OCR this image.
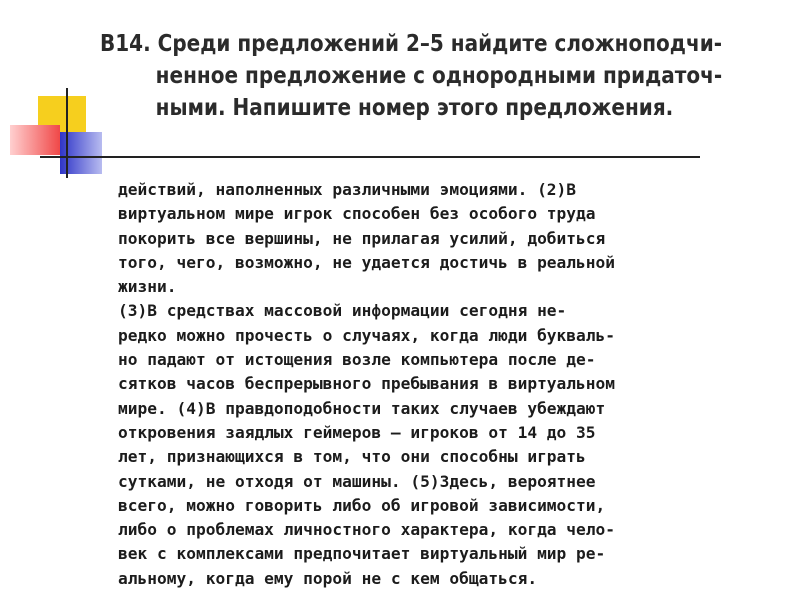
B14. Среди предложений 2–5 найдите сложноподчи-
ненное предложение с однородными придаточ-
ными. Напишите номер этого предложения.
действий, наполненных различными эмоциями. (2)В
виртуальном мире игрок способен без особого труда
покорить все вершины, не прилагая усилий, добиться
того, чего, возможно, не удается достичь в реальной
жизни.
(3)В средствах массовой информации сегодня не-
редко можно прочесть о случаях, когда люди букваль-
но падают от истощения возле компьютера после де-
сятков часов беспрерывного пребывания в виртуальном
мире. (4)В правдоподобности таких случаев убеждают
откровения заядлых геймеров — игроков от 14 до 35
лет, признающихся в том, что они способны играть
сутками, не отходя от машины. (5)Здесь, вероятнее
всего, можно говорить либо об игровой зависимости,
либо о проблемах личностного характера, когда чело-
век с комплексами предпочитает виртуальный мир ре-
альному, когда ему порой не с кем общаться.
